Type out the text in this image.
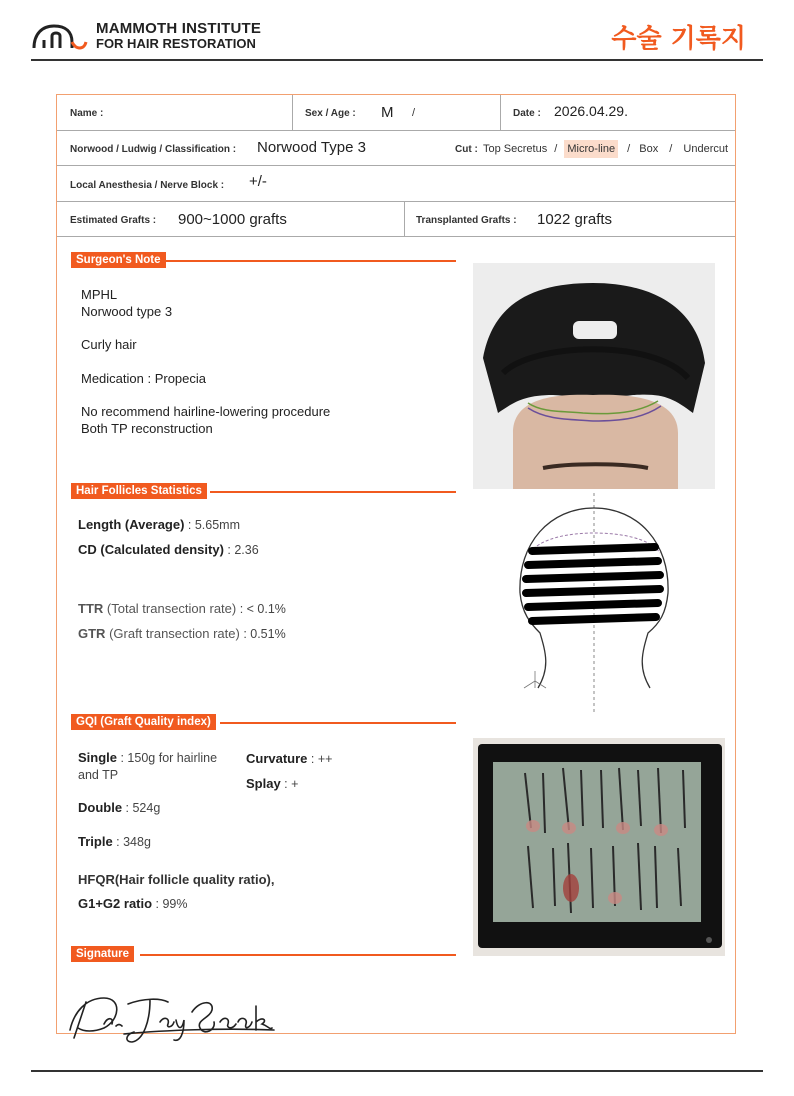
MAMMOTH INSTITUTE
FOR HAIR RESTORATION	수술 기록지
Name :	Sex / Age : M /	Date : 2026.04.29.
Norwood / Ludwig / Classification : Norwood Type 3	Cut : Top Secretus / Micro-line / Box / Undercut
Local Anesthesia / Nerve Block : +/-
Estimated Grafts : 900~1000 grafts	Transplanted Grafts : 1022 grafts
Surgeon's Note
MPHL
Norwood type 3
Curly hair
Medication : Propecia
No recommend hairline-lowering procedure
Both TP reconstruction
Hair Follicles Statistics
Length (Average) : 5.65mm
CD (Calculated density) : 2.36
TTR (Total transection rate) : < 0.1%
GTR (Graft transection rate) : 0.51%
GQI (Graft Quality index)
Single : 150g for hairline
and TP
Double : 524g
Triple : 348g
Curvature : ++
Splay : +
HFQR(Hair follicle quality ratio),
G1+G2 ratio : 99%
Signature
